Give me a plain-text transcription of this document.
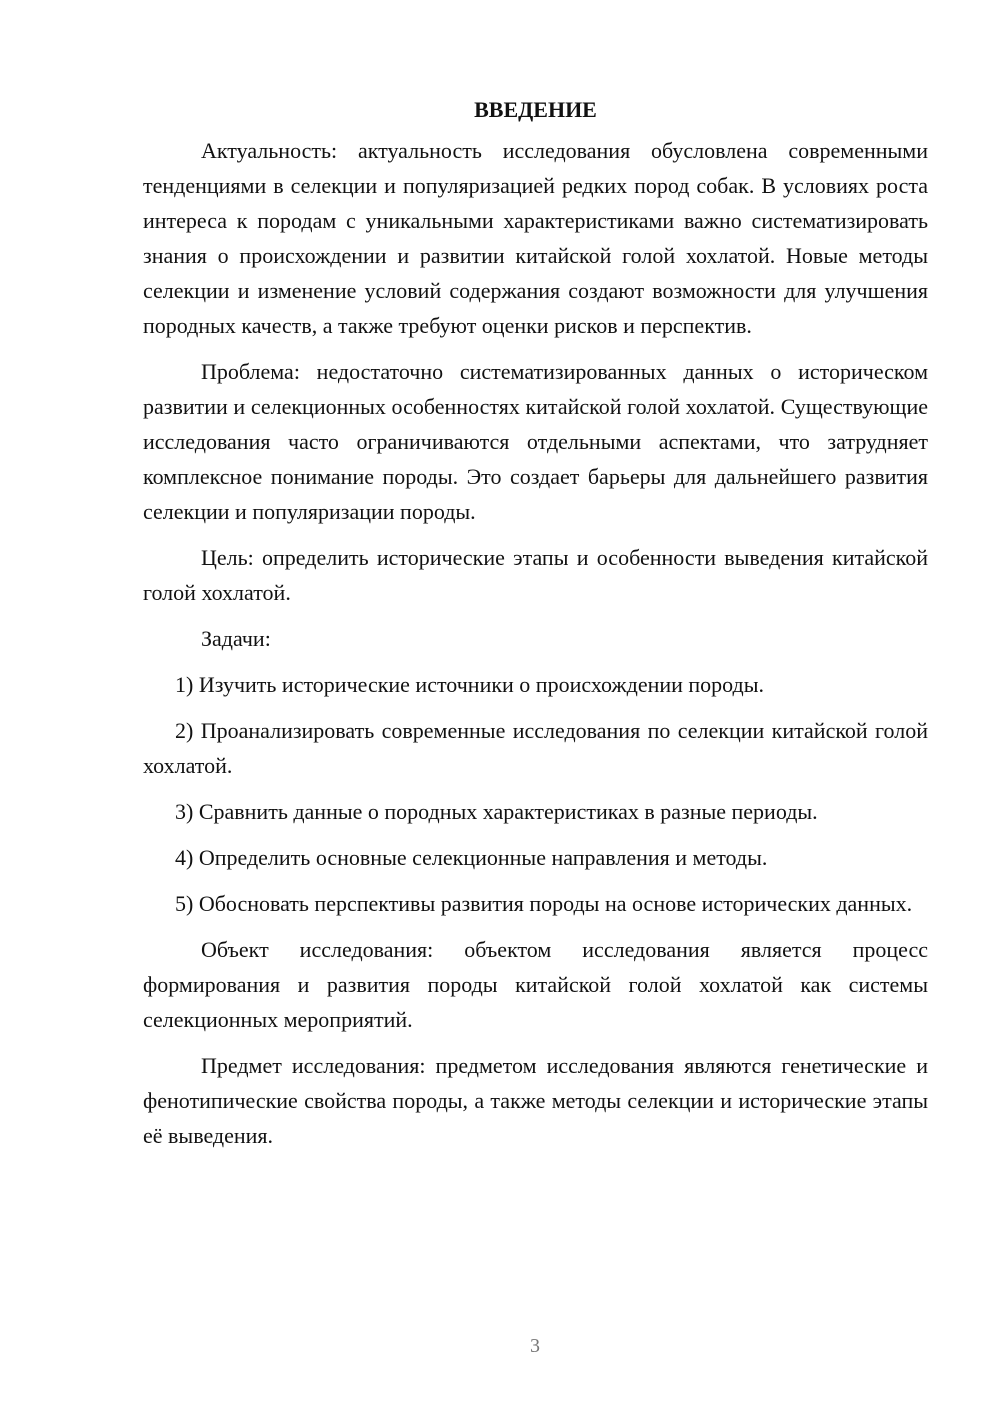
ВВЕДЕНИЕ

Актуальность: актуальность исследования обусловлена современными тенденциями в селекции и популяризацией редких пород собак. В условиях роста интереса к породам с уникальными характеристиками важно систематизировать знания о происхождении и развитии китайской голой хохлатой. Новые методы селекции и изменение условий содержания создают возможности для улучшения породных качеств, а также требуют оценки рисков и перспектив.

Проблема: недостаточно систематизированных данных о историческом развитии и селекционных особенностях китайской голой хохлатой. Существующие исследования часто ограничиваются отдельными аспектами, что затрудняет комплексное понимание породы. Это создает барьеры для дальнейшего развития селекции и популяризации породы.

Цель: определить исторические этапы и особенности выведения китайской голой хохлатой.

Задачи:

1) Изучить исторические источники о происхождении породы.

2) Проанализировать современные исследования по селекции китайской голой хохлатой.

3) Сравнить данные о породных характеристиках в разные периоды.

4) Определить основные селекционные направления и методы.

5) Обосновать перспективы развития породы на основе исторических данных.

Объект исследования: объектом исследования является процесс формирования и развития породы китайской голой хохлатой как системы селекционных мероприятий.

Предмет исследования: предметом исследования являются генетические и фенотипические свойства породы, а также методы селекции и исторические этапы её выведения.

3
